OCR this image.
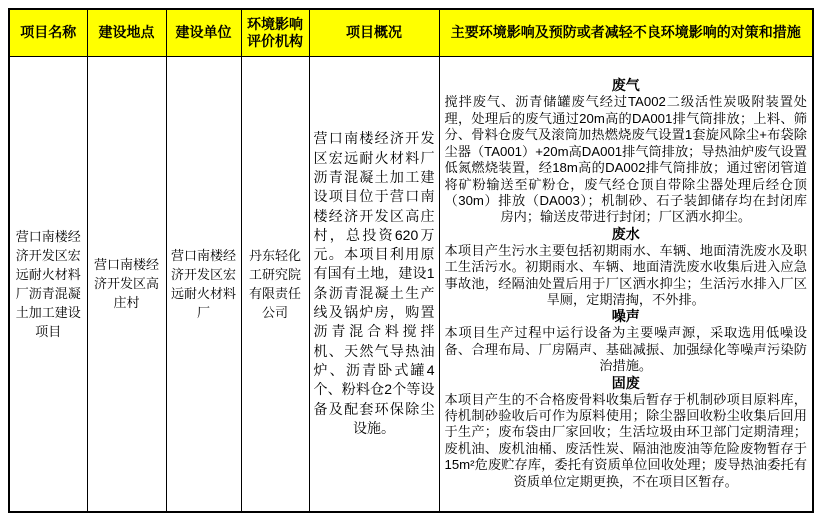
项目名称	建设地点	建设单位	环境影响评价机构	项目概况	主要环境影响及预防或者减轻不良环境影响的对策和措施
营口南楼经济开发区宏远耐火材料厂沥青混凝土加工建设项目	营口南楼经济开发区高庄村	营口南楼经济开发区宏远耐火材料厂	丹东轻化工研究院有限责任公司	营口南楼经济开发区宏远耐火材料厂沥青混凝土加工建设项目位于营口南楼经济开发区高庄村，总投资620万元。本项目利用原有国有土地，建设1条沥青混凝土生产线及锅炉房，购置沥青混合料搅拌机、天然气导热油炉、沥青卧式罐4个、粉料仓2个等设备及配套环保除尘设施。	
废气
搅拌废气、沥青储罐废气经过TA002二级活性炭吸附装置处理，处理后的废气通过20m高的DA001排气筒排放；上料、筛分、骨料仓废气及滚筒加热燃烧废气设置1套旋风除尘+布袋除尘器（TA001）+20m高DA001排气筒排放；导热油炉废气设置低氮燃烧装置，经18m高的DA002排气筒排放；通过密闭管道将矿粉输送至矿粉仓，废气经仓顶自带除尘器处理后经仓顶（30m）排放（DA003）；机制砂、石子装卸储存均在封闭库房内；输送皮带进行封闭；厂区洒水抑尘。
废水
本项目产生污水主要包括初期雨水、车辆、地面清洗废水及职工生活污水。初期雨水、车辆、地面清洗废水收集后进入应急事故池，经隔油处置后用于厂区洒水抑尘；生活污水排入厂区旱厕，定期清掏，不外排。
噪声
本项目生产过程中运行设备为主要噪声源，采取选用低噪设备、合理布局、厂房隔声、基础减振、加强绿化等噪声污染防治措施。
固废
本项目产生的不合格废骨料收集后暂存于机制砂项目原料库，待机制砂验收后可作为原料使用；除尘器回收粉尘收集后回用于生产；废布袋由厂家回收；生活垃圾由环卫部门定期清理；废机油、废机油桶、废活性炭、隔油池废油等危险废物暂存于15m²危废贮存库，委托有资质单位回收处理；废导热油委托有资质单位定期更换，不在项目区暂存。
